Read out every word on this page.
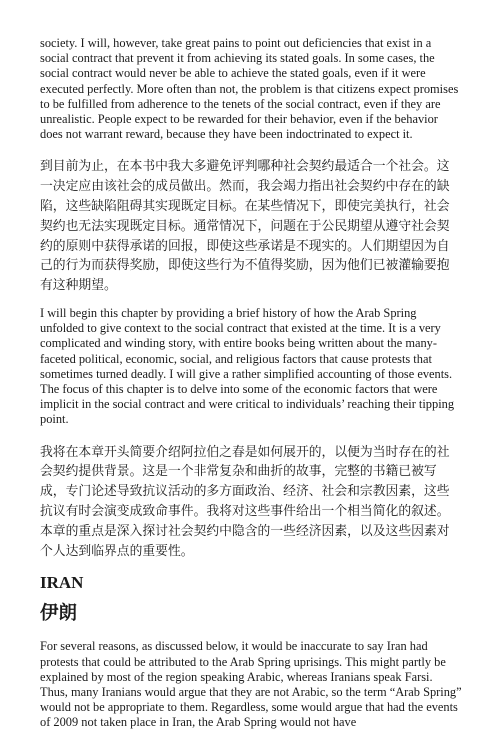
society. I will, however, take great pains to point out deficiencies that exist in a social contract that prevent it from achieving its stated goals. In some cases, the social contract would never be able to achieve the stated goals, even if it were executed perfectly. More often than not, the problem is that citizens expect promises to be fulfilled from adherence to the tenets of the social contract, even if they are unrealistic. People expect to be rewarded for their behavior, even if the behavior does not warrant reward, because they have been indoctrinated to expect it.

到目前为止，在本书中我大多避免评判哪种社会契约最适合一个社会。这一决定应由该社会的成员做出。然而，我会竭力指出社会契约中存在的缺陷，这些缺陷阻碍其实现既定目标。在某些情况下，即使完美执行，社会契约也无法实现既定目标。通常情况下，问题在于公民期望从遵守社会契约的原则中获得承诺的回报，即使这些承诺是不现实的。人们期望因为自己的行为而获得奖励，即使这些行为不值得奖励，因为他们已被灌输要抱有这种期望。

I will begin this chapter by providing a brief history of how the Arab Spring unfolded to give context to the social contract that existed at the time. It is a very complicated and winding story, with entire books being written about the many-faceted political, economic, social, and religious factors that cause protests that sometimes turned deadly. I will give a rather simplified accounting of those events. The focus of this chapter is to delve into some of the economic factors that were implicit in the social contract and were critical to individuals’ reaching their tipping point.

我将在本章开头简要介绍阿拉伯之春是如何展开的，以便为当时存在的社会契约提供背景。这是一个非常复杂和曲折的故事，完整的书籍已被写成，专门论述导致抗议活动的多方面政治、经济、社会和宗教因素，这些抗议有时会演变成致命事件。我将对这些事件给出一个相当简化的叙述。本章的重点是深入探讨社会契约中隐含的一些经济因素，以及这些因素对个人达到临界点的重要性。

IRAN
伊朗

For several reasons, as discussed below, it would be inaccurate to say Iran had protests that could be attributed to the Arab Spring uprisings. This might partly be explained by most of the region speaking Arabic, whereas Iranians speak Farsi. Thus, many Iranians would argue that they are not Arabic, so the term “Arab Spring” would not be appropriate to them. Regardless, some would argue that had the events of 2009 not taken place in Iran, the Arab Spring would not have
